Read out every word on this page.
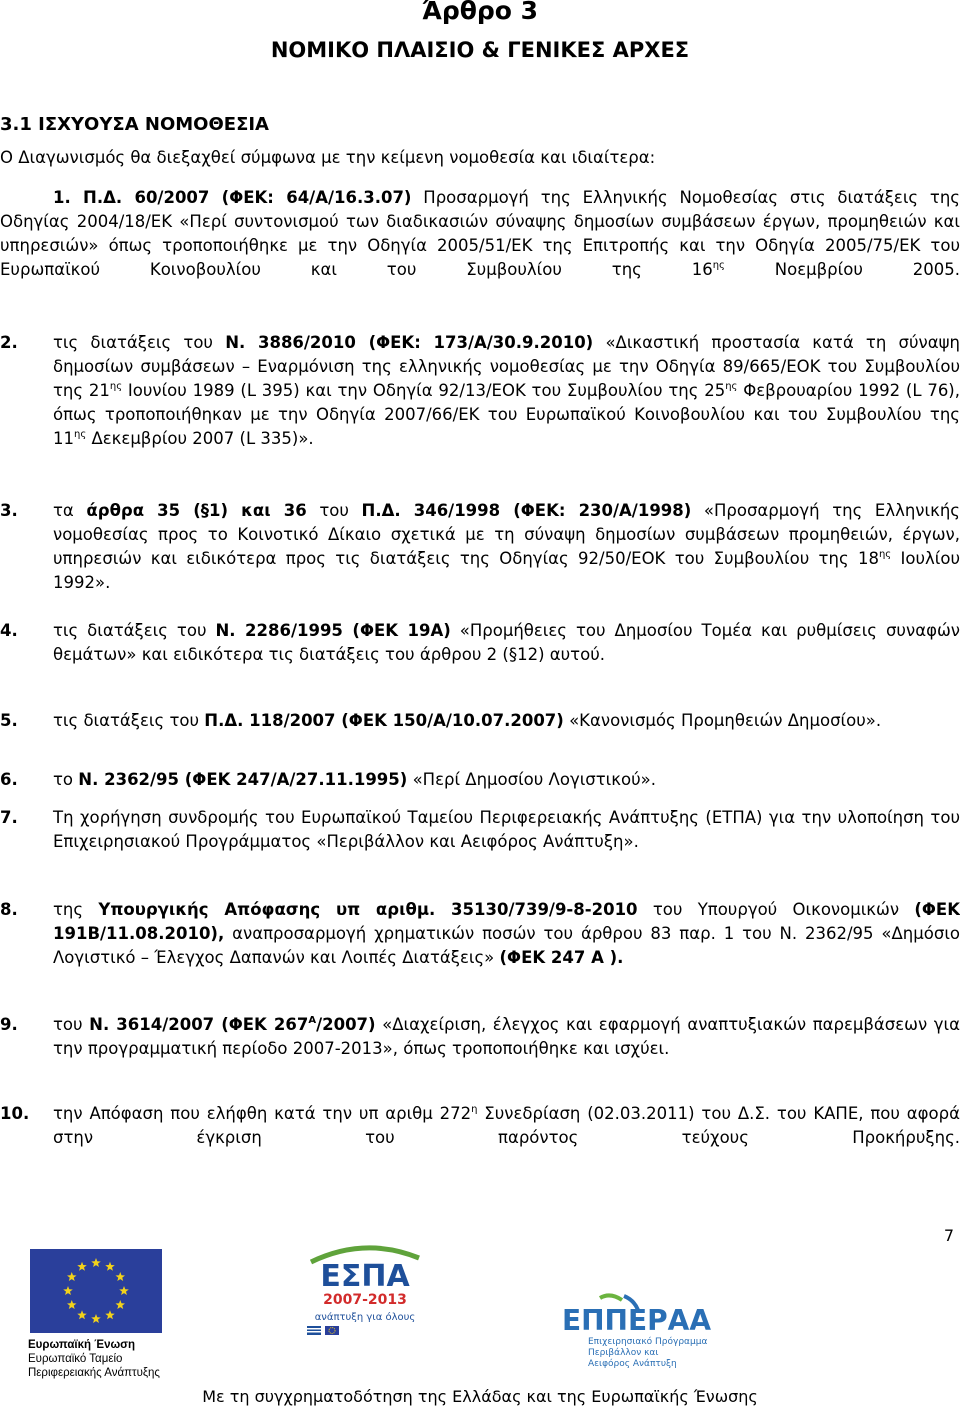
Άρθρο 3
ΝΟΜΙΚΟ ΠΛΑΙΣΙΟ & ΓΕΝΙΚΕΣ ΑΡΧΕΣ
3.1 ΙΣΧΥΟΥΣΑ ΝΟΜΟΘΕΣΙΑ
Ο Διαγωνισμός θα διεξαχθεί σύμφωνα με την κείμενη νομοθεσία και ιδιαίτερα:
1. Π.Δ. 60/2007 (ΦΕΚ: 64/Α/16.3.07) Προσαρμογή της Ελληνικής Νομοθεσίας στις διατάξεις της Οδηγίας 2004/18/ΕΚ «Περί συντονισμού των διαδικασιών σύναψης δημοσίων συμβάσεων έργων, προμηθειών και υπηρεσιών» όπως τροποποιήθηκε με την Οδηγία 2005/51/ΕΚ της Επιτροπής και την Οδηγία 2005/75/ΕΚ του Ευρωπαϊκού Κοινοβουλίου και του Συμβουλίου της $16^{\eta\varsigma}$ Νοεμβρίου 2005.
2. τις διατάξεις του Ν. 3886/2010 (ΦΕΚ: 173/Α/30.9.2010) «Δικαστική προστασία κατά τη σύναψη δημοσίων συμβάσεων – Εναρμόνιση της ελληνικής νομοθεσίας με την Οδηγία 89/665/ΕΟΚ του Συμβουλίου της $21^{\eta\varsigma}$ Ιουνίου 1989 (L 395) και την Οδηγία 92/13/ΕΟΚ του Συμβουλίου της $25^{\eta\varsigma}$ Φεβρουαρίου 1992 (L 76), όπως τροποποιήθηκαν με την Οδηγία 2007/66/ΕΚ του Ευρωπαϊκού Κοινοβουλίου και του Συμβουλίου της $11^{\eta\varsigma}$ Δεκεμβρίου 2007 (L 335)».
3. τα άρθρα 35 (§1) και 36 του Π.Δ. 346/1998 (ΦΕΚ: 230/Α/1998) «Προσαρμογή της Ελληνικής νομοθεσίας προς το Κοινοτικό Δίκαιο σχετικά με τη σύναψη δημοσίων συμβάσεων προμηθειών, έργων, υπηρεσιών και ειδικότερα προς τις διατάξεις της Οδηγίας 92/50/ΕΟΚ του Συμβουλίου της $18^{\eta\varsigma}$ Ιουλίου 1992».
4. τις διατάξεις του Ν. 2286/1995 (ΦΕΚ 19Α) «Προμήθειες του Δημοσίου Τομέα και ρυθμίσεις συναφών θεμάτων» και ειδικότερα τις διατάξεις του άρθρου 2 (§12) αυτού.
5. τις διατάξεις του Π.Δ. 118/2007 (ΦΕΚ 150/Α/10.07.2007) «Κανονισμός Προμηθειών Δημοσίου».
6. το Ν. 2362/95 (ΦΕΚ 247/Α/27.11.1995) «Περί Δημοσίου Λογιστικού».
7. Τη χορήγηση συνδρομής του Ευρωπαϊκού Ταμείου Περιφερειακής Ανάπτυξης (ΕΤΠΑ) για την υλοποίηση του Επιχειρησιακού Προγράμματος «Περιβάλλον και Αειφόρος Ανάπτυξη».
8. της Υπουργικής Απόφασης υπ αριθμ. 35130/739/9-8-2010 του Υπουργού Οικονομικών (ΦΕΚ 191Β/11.08.2010), αναπροσαρμογή χρηματικών ποσών του άρθρου 83 παρ. 1 του Ν. 2362/95 «Δημόσιο Λογιστικό – Έλεγχος Δαπανών και Λοιπές Διατάξεις» (ΦΕΚ 247 Α ).
9. του Ν. 3614/2007 (ΦΕΚ $267^A/2007$) «Διαχείριση, έλεγχος και εφαρμογή αναπτυξιακών παρεμβάσεων για την προγραμματική περίοδο 2007-2013», όπως τροποποιήθηκε και ισχύει.
10. την Απόφαση που ελήφθη κατά την υπ αριθμ $272^\eta$ Συνεδρίαση (02.03.2011) του Δ.Σ. του ΚΑΠΕ, που αφορά στην έγκριση του παρόντος τεύχους Προκήρυξης.
7
Ευρωπαϊκή Ένωση
Ευρωπαϊκό Ταμείο
Περιφερειακής Ανάπτυξης
ΕΣΠΑ
2007-2013
ανάπτυξη για όλους	ΕΠΠΕΡΑΑ
Επιχειρησιακό Πρόγραμμα
Περιβάλλον και
Αειφόρος Ανάπτυξη
Με τη συγχρηματοδότηση της Ελλάδας και της Ευρωπαϊκής Ένωσης
